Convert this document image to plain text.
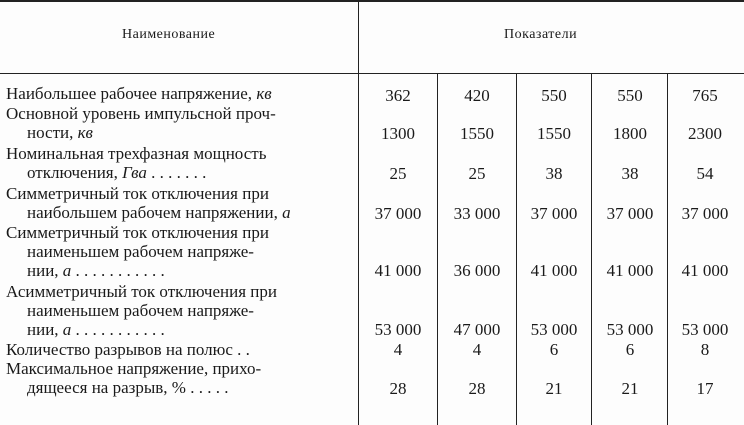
Наименование	Показатели
Наибольшее рабочее напряжение, кв	362	420	550	550	765
Основной уровень импульсной проч-
ности, кв	1300	1550	1550	1800	2300
Номинальная трехфазная мощность
отключения, Гва . . . . . . .	25	25	38	38	54
Симметричный ток отключения при
наибольшем рабочем напряжении, а	37 000	33 000	37 000	37 000	37 000
Симметричный ток отключения при
наименьшем рабочем напряже-
нии, а . . . . . . . . . . .	41 000	36 000	41 000	41 000	41 000
Асимметричный ток отключения при
наименьшем рабочем напряже-
нии, а . . . . . . . . . . .	53 000	47 000	53 000	53 000	53 000
Количество разрывов на полюс . .	4	4	6	6	8
Максимальное напряжение, прихо-
дящееся на разрыв, % . . . . .	28	28	21	21	17
